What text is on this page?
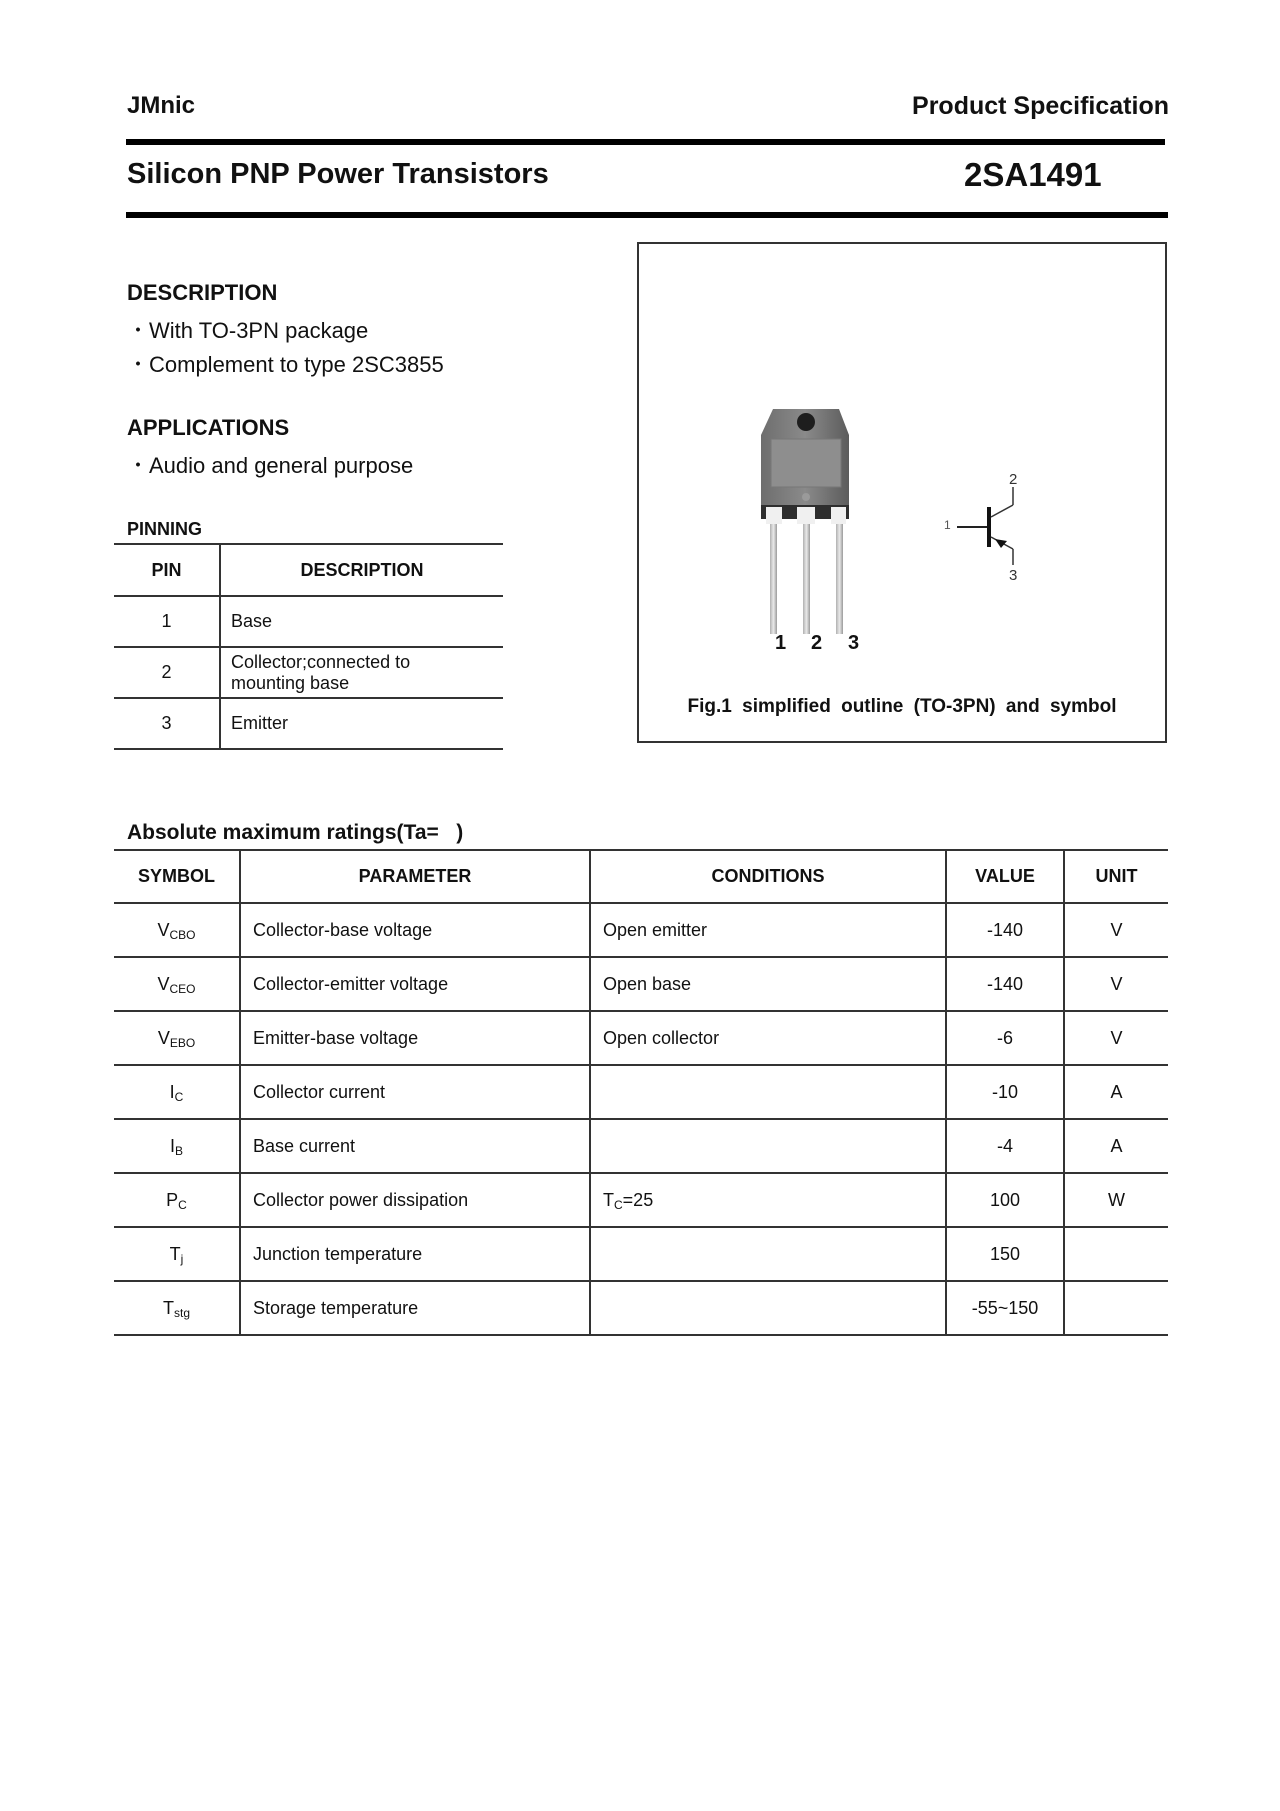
JMnic	Product Specification
Silicon PNP Power Transistors	2SA1491
DESCRIPTION
・With TO-3PN package
・Complement to type 2SC3855
APPLICATIONS
・Audio and general purpose
PINNING
PIN	DESCRIPTION
1	Base
2	Collector;connected to mounting base
3	Emitter
1 2 3
1
2
3
Fig.1 simplified outline (TO-3PN) and symbol
Absolute maximum ratings(Ta=   )
SYMBOL	PARAMETER	CONDITIONS	VALUE	UNIT
$V_{CBO}$	Collector-base voltage	Open emitter	-140	V
$V_{CEO}$	Collector-emitter voltage	Open base	-140	V
$V_{EBO}$	Emitter-base voltage	Open collector	-6	V
$I_C$	Collector current		-10	A
$I_B$	Base current		-4	A
$P_C$	Collector power dissipation	$T_C=25$	100	W
$T_j$	Junction temperature		150	
$T_{stg}$	Storage temperature		-55~150	
